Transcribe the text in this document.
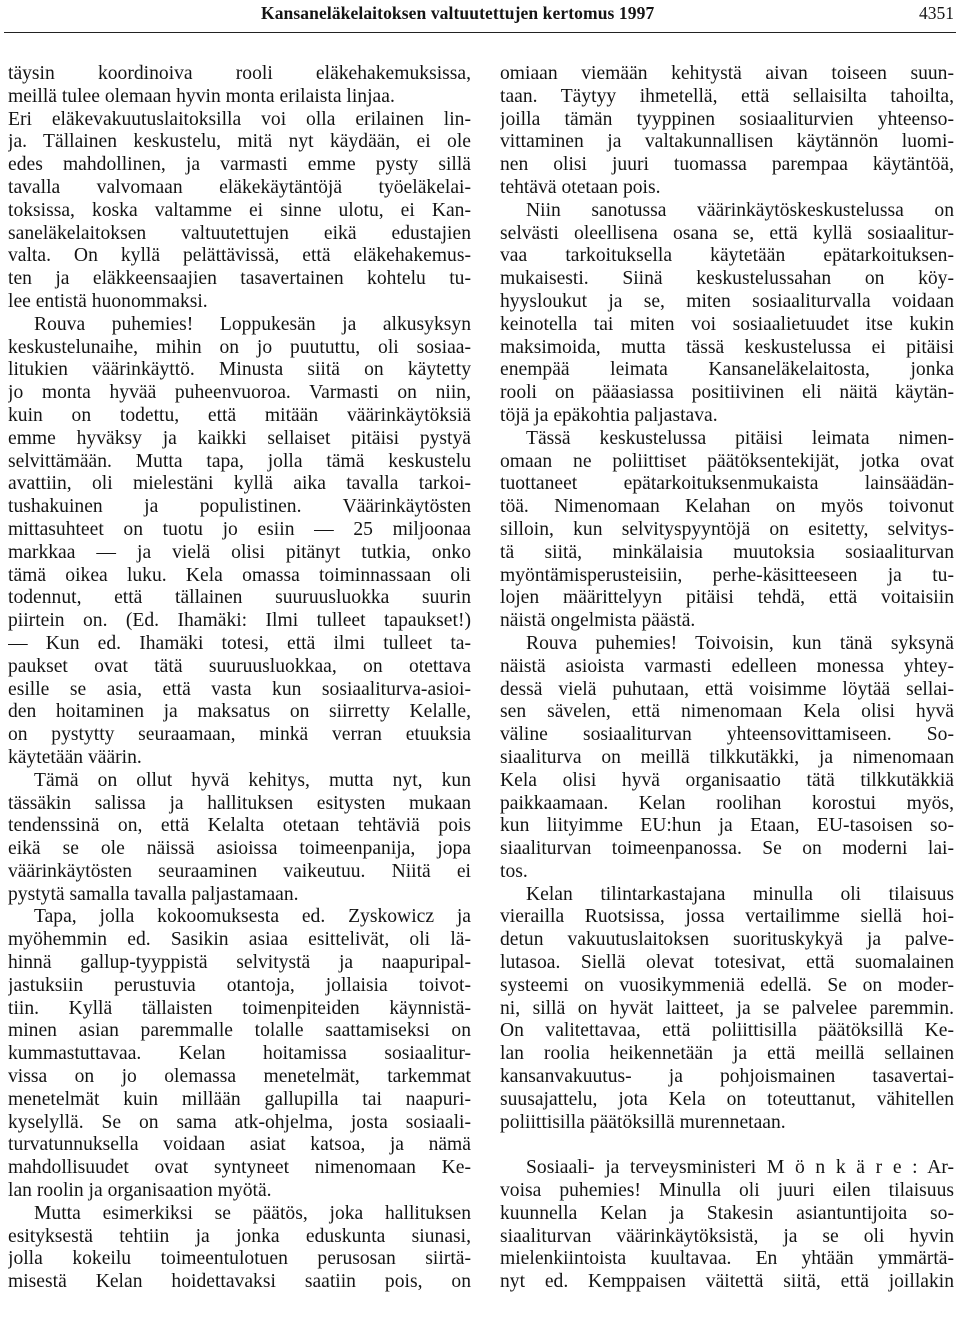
Kansaneläkelaitoksen valtuutettujen kertomus 1997	4351
täysin koordinoiva rooli eläkehakemuksissa,
meillä tulee olemaan hyvin monta erilaista linjaa.
Eri eläkevakuutuslaitoksilla voi olla erilainen lin-
ja. Tällainen keskustelu, mitä nyt käydään, ei ole
edes mahdollinen, ja varmasti emme pysty sillä
tavalla valvomaan eläkekäytäntöjä työeläkelai-
toksissa, koska valtamme ei sinne ulotu, ei Kan-
saneläkelaitoksen valtuutettujen eikä edustajien
valta. On kyllä pelättävissä, että eläkehakemus-
ten ja eläkkeensaajien tasavertainen kohtelu tu-
lee entistä huonommaksi.
Rouva puhemies! Loppukesän ja alkusyksyn
keskustelunaihe, mihin on jo puututtu, oli sosiaa-
litukien väärinkäyttö. Minusta siitä on käytetty
jo monta hyvää puheenvuoroa. Varmasti on niin,
kuin on todettu, että mitään väärinkäytöksiä
emme hyväksy ja kaikki sellaiset pitäisi pystyä
selvittämään. Mutta tapa, jolla tämä keskustelu
avattiin, oli mielestäni kyllä aika tavalla tarkoi-
tushakuinen ja populistinen. Väärinkäytösten
mittasuhteet on tuotu jo esiin — 25 miljoonaa
markkaa — ja vielä olisi pitänyt tutkia, onko
tämä oikea luku. Kela omassa toiminnassaan oli
todennut, että tällainen suuruusluokka suurin
piirtein on. (Ed. Ihamäki: Ilmi tulleet tapaukset!)
— Kun ed. Ihamäki totesi, että ilmi tulleet ta-
paukset ovat tätä suuruusluokkaa, on otettava
esille se asia, että vasta kun sosiaaliturva-asioi-
den hoitaminen ja maksatus on siirretty Kelalle,
on pystytty seuraamaan, minkä verran etuuksia
käytetään väärin.
Tämä on ollut hyvä kehitys, mutta nyt, kun
tässäkin salissa ja hallituksen esitysten mukaan
tendenssinä on, että Kelalta otetaan tehtäviä pois
eikä se ole näissä asioissa toimeenpanija, jopa
väärinkäytösten seuraaminen vaikeutuu. Niitä ei
pystytä samalla tavalla paljastamaan.
Tapa, jolla kokoomuksesta ed. Zyskowicz ja
myöhemmin ed. Sasikin asiaa esittelivät, oli lä-
hinnä gallup-tyyppistä selvitystä ja naapuripal-
jastuksiin perustuvia otantoja, jollaisia toivot-
tiin. Kyllä tällaisten toimenpiteiden käynnistä-
minen asian paremmalle tolalle saattamiseksi on
kummastuttavaa. Kelan hoitamissa sosiaalitur-
vissa on jo olemassa menetelmät, tarkemmat
menetelmät kuin millään gallupilla tai naapuri-
kyselyllä. Se on sama atk-ohjelma, josta sosiaali-
turvatunnuksella voidaan asiat katsoa, ja nämä
mahdollisuudet ovat syntyneet nimenomaan Ke-
lan roolin ja organisaation myötä.
Mutta esimerkiksi se päätös, joka hallituksen
esityksestä tehtiin ja jonka eduskunta siunasi,
jolla kokeilu toimeentulotuen perusosan siirtä-
misestä Kelan hoidettavaksi saatiin pois, on
omiaan viemään kehitystä aivan toiseen suun-
taan. Täytyy ihmetellä, että sellaisilta tahoilta,
joilla tämän tyyppinen sosiaaliturvien yhteenso-
vittaminen ja valtakunnallisen käytännön luomi-
nen olisi juuri tuomassa parempaa käytäntöä,
tehtävä otetaan pois.
Niin sanotussa väärinkäytöskeskustelussa on
selvästi oleellisena osana se, että kyllä sosiaalitur-
vaa tarkoituksella käytetään epätarkoituksen-
mukaisesti. Siinä keskustelussahan on köy-
hyysloukut ja se, miten sosiaaliturvalla voidaan
keinotella tai miten voi sosiaalietuudet itse kukin
maksimoida, mutta tässä keskustelussa ei pitäisi
enempää leimata Kansaneläkelaitosta, jonka
rooli on pääasiassa positiivinen eli näitä käytän-
töjä ja epäkohtia paljastava.
Tässä keskustelussa pitäisi leimata nimen-
omaan ne poliittiset päätöksentekijät, jotka ovat
tuottaneet epätarkoituksenmukaista lainsäädän-
töä. Nimenomaan Kelahan on myös toivonut
silloin, kun selvityspyyntöjä on esitetty, selvitys-
tä siitä, minkälaisia muutoksia sosiaaliturvan
myöntämisperusteisiin, perhe-käsitteeseen ja tu-
lojen määrittelyyn pitäisi tehdä, että voitaisiin
näistä ongelmista päästä.
Rouva puhemies! Toivoisin, kun tänä syksynä
näistä asioista varmasti edelleen monessa yhtey-
dessä vielä puhutaan, että voisimme löytää sellai-
sen sävelen, että nimenomaan Kela olisi hyvä
väline sosiaaliturvan yhteensovittamiseen. So-
siaaliturva on meillä tilkkutäkki, ja nimenomaan
Kela olisi hyvä organisaatio tätä tilkkutäkkiä
paikkaamaan. Kelan roolihan korostui myös,
kun liityimme EU:hun ja Etaan, EU-tasoisen so-
siaaliturvan toimeenpanossa. Se on moderni lai-
tos.
Kelan tilintarkastajana minulla oli tilaisuus
vierailla Ruotsissa, jossa vertailimme siellä hoi-
detun vakuutuslaitoksen suorituskykyä ja palve-
lutasoa. Siellä olevat totesivat, että suomalainen
systeemi on vuosikymmeniä edellä. Se on moder-
ni, sillä on hyvät laitteet, ja se palvelee paremmin.
On valitettavaa, että poliittisilla päätöksillä Ke-
lan roolia heikennetään ja että meillä sellainen
kansanvakuutus- ja pohjoismainen tasavertai-
suusajattelu, jota Kela on toteuttanut, vähitellen
poliittisilla päätöksillä murennetaan.
Sosiaali- ja terveysministeri M ö n k ä r e : Ar-
voisa puhemies! Minulla oli juuri eilen tilaisuus
kuunnella Kelan ja Stakesin asiantuntijoita so-
siaaliturvan väärinkäytöksistä, ja se oli hyvin
mielenkiintoista kuultavaa. En yhtään ymmärtä-
nyt ed. Kemppaisen väitettä siitä, että joillakin
